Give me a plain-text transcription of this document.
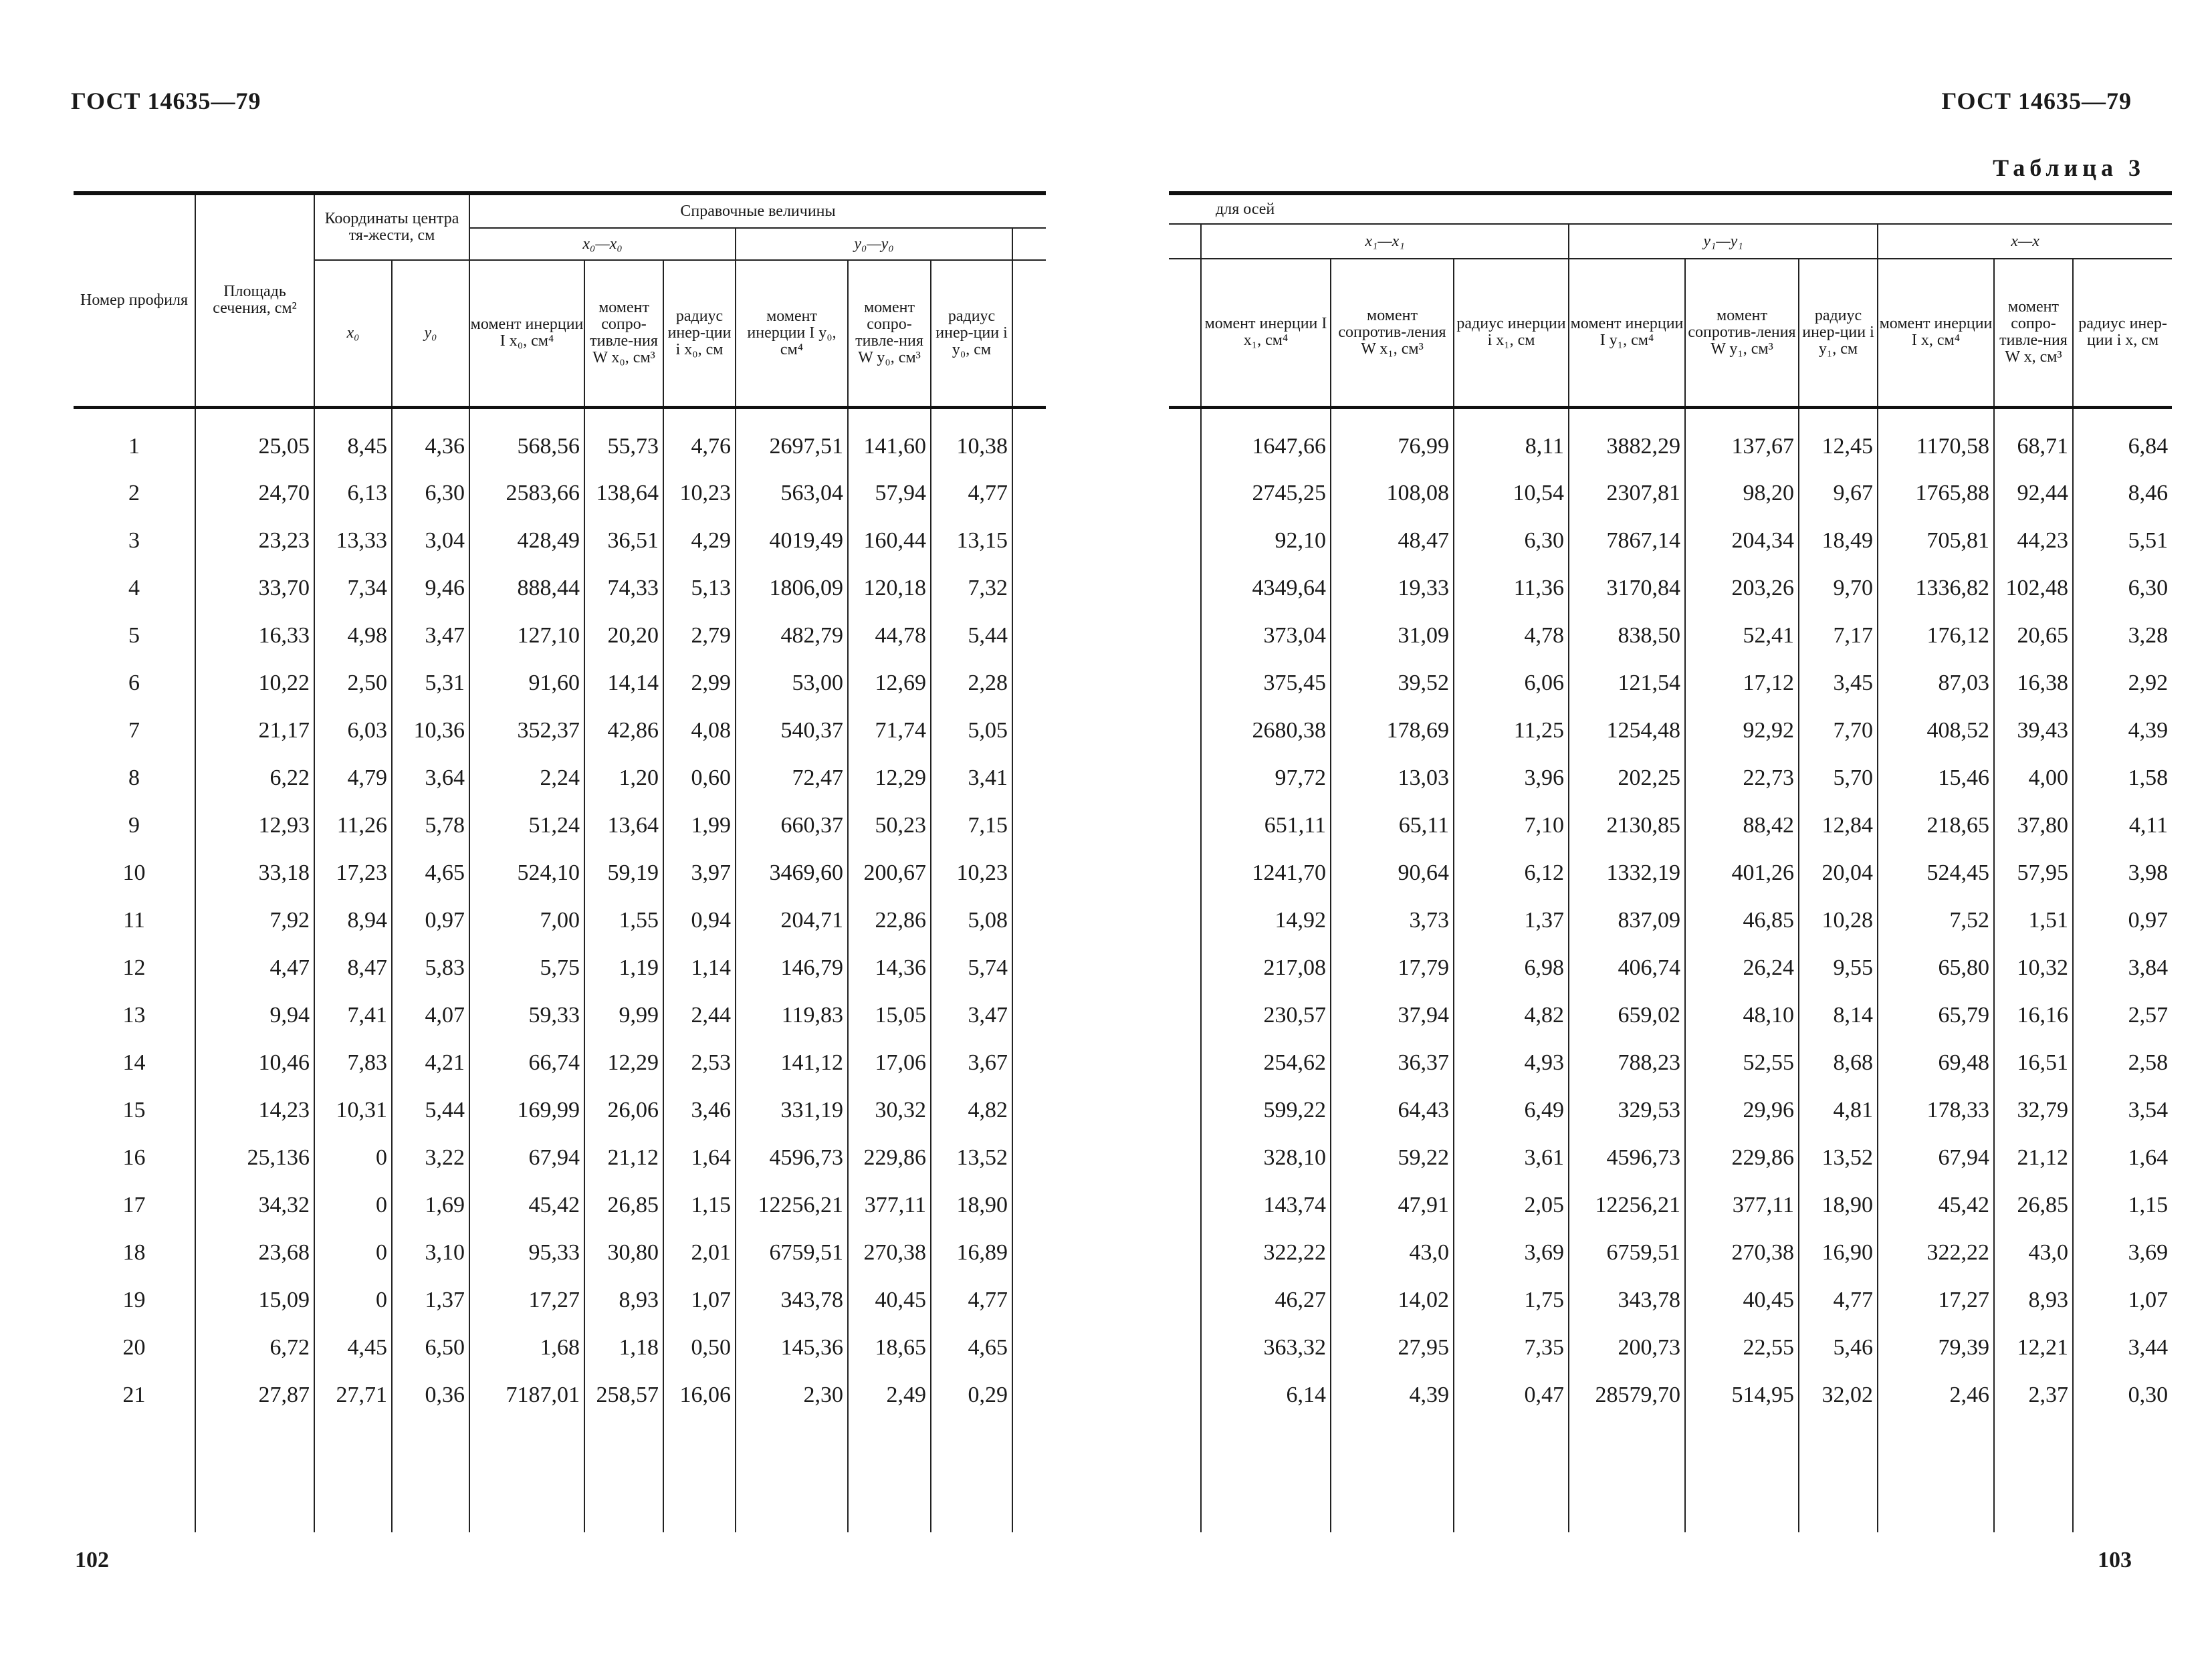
ГОСТ 14635—79
Номер профиля	Площадь сечения, см²	Координаты центра тя-жести, см		Справочные величины						
				x₀—x₀			y₀—y₀			
		x₀	y₀	момент инерции I x₀, см⁴	момент сопро-тивле-ния W x₀, см³	радиус инер-ции i x₀, см	момент инерции I y₀, см⁴	момент сопро-тивле-ния W y₀, см³	радиус инер-ции i y₀, см	
1	25,05	8,45	4,36	568,56	55,73	4,76	2697,51	141,60	10,38	
2	24,70	6,13	6,30	2583,66	138,64	10,23	563,04	57,94	4,77	
3	23,23	13,33	3,04	428,49	36,51	4,29	4019,49	160,44	13,15	
4	33,70	7,34	9,46	888,44	74,33	5,13	1806,09	120,18	7,32	
5	16,33	4,98	3,47	127,10	20,20	2,79	482,79	44,78	5,44	
6	10,22	2,50	5,31	91,60	14,14	2,99	53,00	12,69	2,28	
7	21,17	6,03	10,36	352,37	42,86	4,08	540,37	71,74	5,05	
8	6,22	4,79	3,64	2,24	1,20	0,60	72,47	12,29	3,41	
9	12,93	11,26	5,78	51,24	13,64	1,99	660,37	50,23	7,15	
10	33,18	17,23	4,65	524,10	59,19	3,97	3469,60	200,67	10,23	
11	7,92	8,94	0,97	7,00	1,55	0,94	204,71	22,86	5,08	
12	4,47	8,47	5,83	5,75	1,19	1,14	146,79	14,36	5,74	
13	9,94	7,41	4,07	59,33	9,99	2,44	119,83	15,05	3,47	
14	10,46	7,83	4,21	66,74	12,29	2,53	141,12	17,06	3,67	
15	14,23	10,31	5,44	169,99	26,06	3,46	331,19	30,32	4,82	
16	25,136	0	3,22	67,94	21,12	1,64	4596,73	229,86	13,52	
17	34,32	0	1,69	45,42	26,85	1,15	12256,21	377,11	18,90	
18	23,68	0	3,10	95,33	30,80	2,01	6759,51	270,38	16,89	
19	15,09	0	1,37	17,27	8,93	1,07	343,78	40,45	4,77	
20	6,72	4,45	6,50	1,68	1,18	0,50	145,36	18,65	4,65	
21	27,87	27,71	0,36	7187,01	258,57	16,06	2,30	2,49	0,29	

102
ГОСТ 14635—79
Таблица 3
для осей									
	x₁—x₁			y₁—y₁			x—x		
	момент инерции I x₁, см⁴	момент сопротив-ления W x₁, см³	радиус инерции i x₁, см	момент инерции I y₁, см⁴	момент сопротив-ления W y₁, см³	радиус инер-ции i y₁, см	момент инерции I x, см⁴	момент сопро-тивле-ния W x, см³	радиус инер-ции i x, см
	1647,66	76,99	8,11	3882,29	137,67	12,45	1170,58	68,71	6,84
	2745,25	108,08	10,54	2307,81	98,20	9,67	1765,88	92,44	8,46
	92,10	48,47	6,30	7867,14	204,34	18,49	705,81	44,23	5,51
	4349,64	19,33	11,36	3170,84	203,26	9,70	1336,82	102,48	6,30
	373,04	31,09	4,78	838,50	52,41	7,17	176,12	20,65	3,28
	375,45	39,52	6,06	121,54	17,12	3,45	87,03	16,38	2,92
	2680,38	178,69	11,25	1254,48	92,92	7,70	408,52	39,43	4,39
	97,72	13,03	3,96	202,25	22,73	5,70	15,46	4,00	1,58
	651,11	65,11	7,10	2130,85	88,42	12,84	218,65	37,80	4,11
	1241,70	90,64	6,12	1332,19	401,26	20,04	524,45	57,95	3,98
	14,92	3,73	1,37	837,09	46,85	10,28	7,52	1,51	0,97
	217,08	17,79	6,98	406,74	26,24	9,55	65,80	10,32	3,84
	230,57	37,94	4,82	659,02	48,10	8,14	65,79	16,16	2,57
	254,62	36,37	4,93	788,23	52,55	8,68	69,48	16,51	2,58
	599,22	64,43	6,49	329,53	29,96	4,81	178,33	32,79	3,54
	328,10	59,22	3,61	4596,73	229,86	13,52	67,94	21,12	1,64
	143,74	47,91	2,05	12256,21	377,11	18,90	45,42	26,85	1,15
	322,22	43,0	3,69	6759,51	270,38	16,90	322,22	43,0	3,69
	46,27	14,02	1,75	343,78	40,45	4,77	17,27	8,93	1,07
	363,32	27,95	7,35	200,73	22,55	5,46	79,39	12,21	3,44
	6,14	4,39	0,47	28579,70	514,95	32,02	2,46	2,37	0,30

103
